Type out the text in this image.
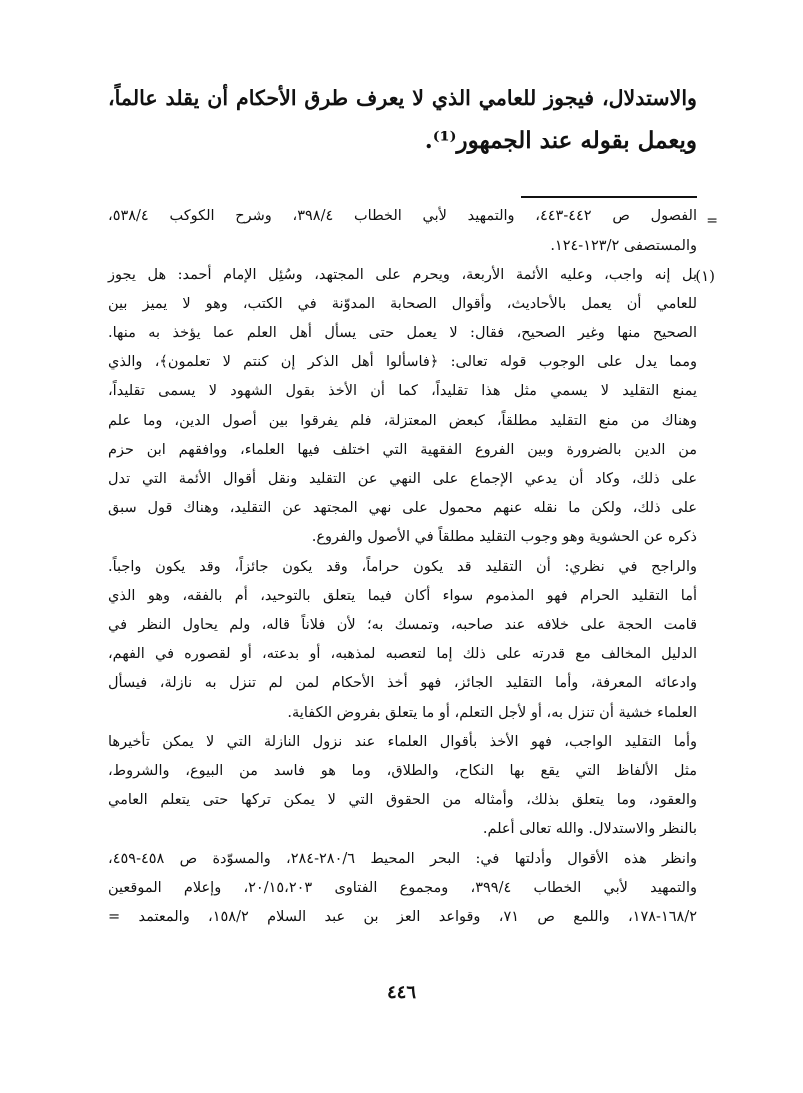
والاستدلال، فيجوز للعامي الذي لا يعرف طرق الأحكام أن يقلد عالماً،
ويعمل بقوله عند الجمهور⁽¹⁾.
=
الفصول ص ٤٤٢-٤٤٣، والتمهيد لأبي الخطاب ٣٩٨/٤، وشرح الكوكب ٥٣٨/٤،
والمستصفى ١٢٣/٢-١٢٤.
(١)
بل إنه واجب، وعليه الأئمة الأربعة، ويحرم على المجتهد، وسُئِل الإمام أحمد: هل يجوز
للعامي أن يعمل بالأحاديث، وأقوال الصحابة المدوّنة في الكتب، وهو لا يميز بين
الصحيح منها وغير الصحيح، فقال: لا يعمل حتى يسأل أهل العلم عما يؤخذ به منها.
ومما يدل على الوجوب قوله تعالى: ﴿فاسألوا أهل الذكر إن كنتم لا تعلمون﴾، والذي
يمنع التقليد لا يسمي مثل هذا تقليداً، كما أن الأخذ بقول الشهود لا يسمى تقليداً،
وهناك من منع التقليد مطلقاً، كبعض المعتزلة، فلم يفرقوا بين أصول الدين، وما علم
من الدين بالضرورة وبين الفروع الفقهية التي اختلف فيها العلماء، ووافقهم ابن حزم
على ذلك، وكاد أن يدعي الإجماع على النهي عن التقليد ونقل أقوال الأئمة التي تدل
على ذلك، ولكن ما نقله عنهم محمول على نهي المجتهد عن التقليد، وهناك قول سبق
ذكره عن الحشوية وهو وجوب التقليد مطلقاً في الأصول والفروع.
والراجح في نظري: أن التقليد قد يكون حراماً، وقد يكون جائزاً، وقد يكون واجباً.
أما التقليد الحرام فهو المذموم سواء أكان فيما يتعلق بالتوحيد، أم بالفقه، وهو الذي
قامت الحجة على خلافه عند صاحبه، وتمسك به؛ لأن فلاناً قاله، ولم يحاول النظر في
الدليل المخالف مع قدرته على ذلك إما لتعصبه لمذهبه، أو بدعته، أو لقصوره في الفهم،
وادعائه المعرفة، وأما التقليد الجائز، فهو أخذ الأحكام لمن لم تنزل به نازلة، فيسأل
العلماء خشية أن تنزل به، أو لأجل التعلم، أو ما يتعلق بفروض الكفاية.
وأما التقليد الواجب، فهو الأخذ بأقوال العلماء عند نزول النازلة التي لا يمكن تأخيرها
مثل الألفاظ التي يقع بها النكاح، والطلاق، وما هو فاسد من البيوع، والشروط،
والعقود، وما يتعلق بذلك، وأمثاله من الحقوق التي لا يمكن تركها حتى يتعلم العامي
بالنظر والاستدلال. والله تعالى أعلم.
وانظر هذه الأقوال وأدلتها في: البحر المحيط ٢٨٠/٦-٢٨٤، والمسوّدة ص ٤٥٨-٤٥٩،
والتمهيد لأبي الخطاب ٣٩٩/٤، ومجموع الفتاوى ٢٠/١٥،٢٠٣، وإعلام الموقعين
١٦٨/٢-١٧٨، واللمع ص ٧١، وقواعد العز بن عبد السلام ١٥٨/٢، والمعتمد =
٤٤٦
